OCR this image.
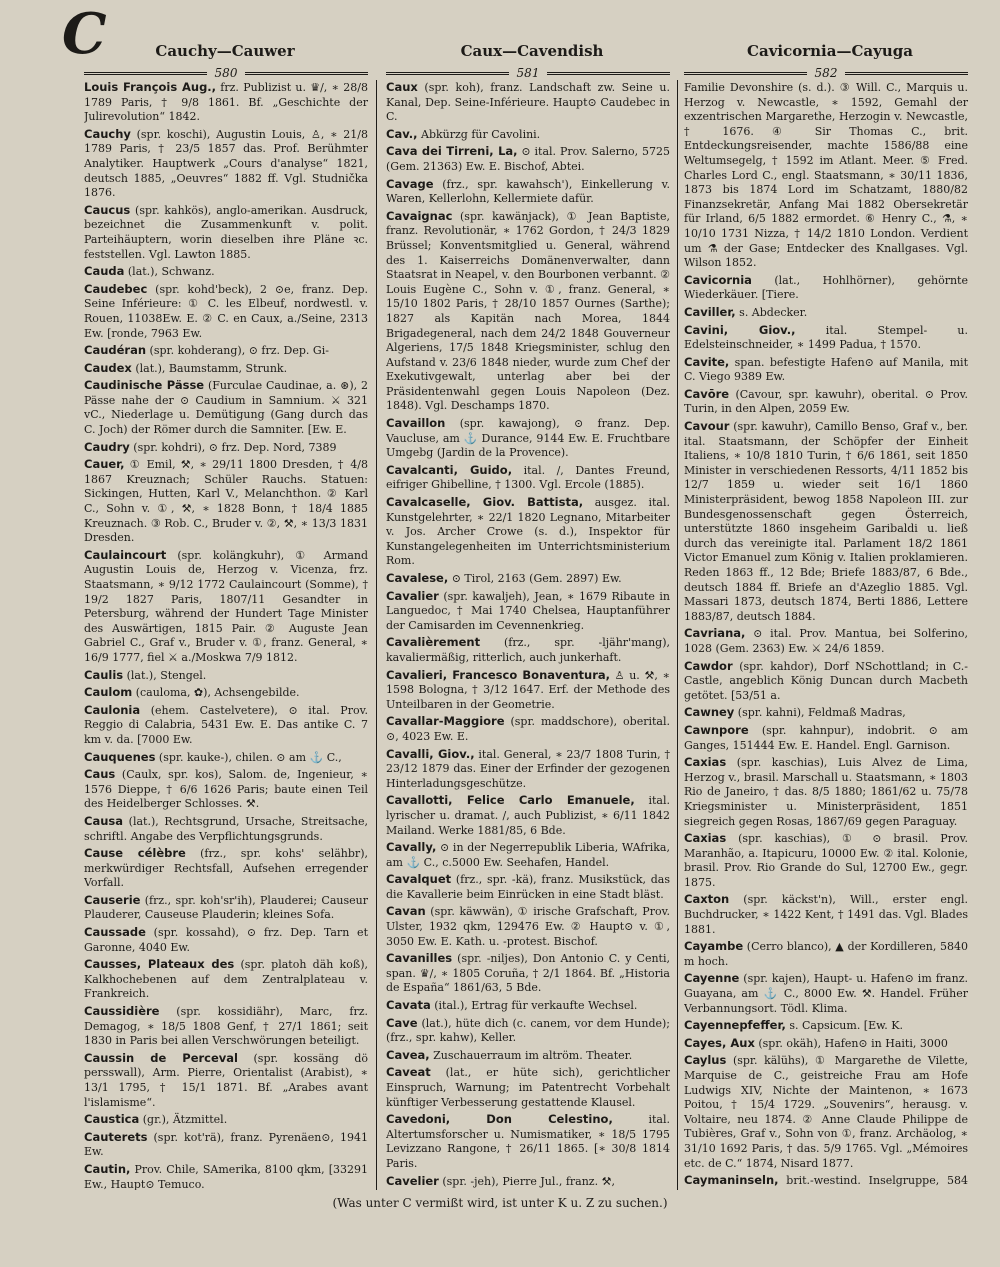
C	Cauchy—Cauwer	Caux—Cavendish	Cavicornia—Cayuga
580	581	582

Louis François Aug., frz. Publizist u. ♛/, ∗ 28/8 1789 Paris, † 9/8 1861. Bf. „Geschichte der Julirevolution“ 1842.

Cauchy (spr. koschi), Augustin Louis, ♙, ∗ 21/8 1789 Paris, † 23/5 1857 das. Prof. Berühmter Analytiker. Hauptwerk „Cours d'analyse“ 1821, deutsch 1885, „Oeuvres“ 1882 ff. Vgl. Studnička 1876.

Caucus (spr. kahkös), anglo-amerikan. Ausdruck, bezeichnet die Zusammenkunft v. polit. Parteihäuptern, worin dieselben ihre Pläne ꝛc. feststellen. Vgl. Lawton 1885.

Cauda (lat.), Schwanz.

Caudebec (spr. kohd'beck), 2 ⊙e, franz. Dep. Seine Inférieure: ① C. les Elbeuf, nordwestl. v. Rouen, 11038Ew. E. ② C. en Caux, a./Seine, 2313 Ew. [ronde, 7963 Ew.

Caudéran (spr. kohderang), ⊙ frz. Dep. Gi-

Caudex (lat.), Baumstamm, Strunk.

Caudinische Pässe (Furculae Caudinae, a. ⊛), 2 Pässe nahe der ⊙ Caudium in Samnium. ⚔ 321 vC., Niederlage u. Demütigung (Gang durch das C. Joch) der Römer durch die Samniter. [Ew. E.

Caudry (spr. kohdri), ⊙ frz. Dep. Nord, 7389

Cauer, ① Emil, ⚒, ∗ 29/11 1800 Dresden, † 4/8 1867 Kreuznach; Schüler Rauchs. Statuen: Sickingen, Hutten, Karl V., Melanchthon. ② Karl C., Sohn v. ①, ⚒, ∗ 1828 Bonn, † 18/4 1885 Kreuznach. ③ Rob. C., Bruder v. ②, ⚒, ∗ 13/3 1831 Dresden.

Caulaincourt (spr. kolängkuhr), ① Armand Augustin Louis de, Herzog v. Vicenza, frz. Staatsmann, ∗ 9/12 1772 Caulaincourt (Somme), † 19/2 1827 Paris, 1807/11 Gesandter in Petersburg, während der Hundert Tage Minister des Auswärtigen, 1815 Pair. ② Auguste Jean Gabriel C., Graf v., Bruder v. ①, franz. General, ∗ 16/9 1777, fiel ⚔ a./Moskwa 7/9 1812.

Caulis (lat.), Stengel.

Caulom (cauloma, ✿), Achsengebilde.

Caulonia (ehem. Castelvetere), ⊙ ital. Prov. Reggio di Calabria, 5431 Ew. E. Das antike C. 7 km v. da. [7000 Ew.

Cauquenes (spr. kauke-), chilen. ⊙ am ⚓ C.,

Caus (Caulx, spr. kos), Salom. de, Ingenieur, ∗ 1576 Dieppe, † 6/6 1626 Paris; baute einen Teil des Heidelberger Schlosses. ⚒.

Causa (lat.), Rechtsgrund, Ursache, Streitsache, schriftl. Angabe des Verpflichtungsgrunds.

Cause célèbre (frz., spr. kohs' selähbr), merkwürdiger Rechtsfall, Aufsehen erregender Vorfall.

Causerie (frz., spr. koh'sr'ih), Plauderei; Causeur Plauderer, Causeuse Plauderin; kleines Sofa.

Caussade (spr. kossahd), ⊙ frz. Dep. Tarn et Garonne, 4040 Ew.

Causses, Plateaux des (spr. platoh däh koß), Kalkhochebenen auf dem Zentralplateau v. Frankreich.

Caussidière (spr. kossidiähr), Marc, frz. Demagog, ∗ 18/5 1808 Genf, † 27/1 1861; seit 1830 in Paris bei allen Verschwörungen beteiligt.

Caussin de Perceval (spr. kossäng dö persswall), Arm. Pierre, Orientalist (Arabist), ∗ 13/1 1795, † 15/1 1871. Bf. „Arabes avant l'islamisme“.

Caustica (gr.), Ätzmittel.

Cauterets (spr. kot'rä), franz. Pyrenäen⊙, 1941 Ew.

Cautin, Prov. Chile, SAmerika, 8100 qkm, [33291 Ew., Haupt⊙ Temuco.

Caux (spr. koh), franz. Landschaft zw. Seine u. Kanal, Dep. Seine-Inférieure. Haupt⊙ Caudebec in C.

Cav., Abkürzg für Cavolini.

Cava dei Tirreni, La, ⊙ ital. Prov. Salerno, 5725 (Gem. 21363) Ew. E. Bischof, Abtei.

Cavage (frz., spr. kawahsch'), Einkellerung v. Waren, Kellerlohn, Kellermiete dafür.

Cavaignac (spr. kawänjack), ① Jean Baptiste, franz. Revolutionär, ∗ 1762 Gordon, † 24/3 1829 Brüssel; Konventsmitglied u. General, während des 1. Kaiserreichs Domänenverwalter, dann Staatsrat in Neapel, v. den Bourbonen verbannt. ② Louis Eugène C., Sohn v. ①, franz. General, ∗ 15/10 1802 Paris, † 28/10 1857 Ournes (Sarthe); 1827 als Kapitän nach Morea, 1844 Brigadegeneral, nach dem 24/2 1848 Gouverneur Algeriens, 17/5 1848 Kriegsminister, schlug den Aufstand v. 23/6 1848 nieder, wurde zum Chef der Exekutivgewalt, unterlag aber bei der Präsidentenwahl gegen Louis Napoleon (Dez. 1848). Vgl. Deschamps 1870.

Cavaillon (spr. kawajong), ⊙ franz. Dep. Vaucluse, am ⚓ Durance, 9144 Ew. E. Fruchtbare Umgebg (Jardin de la Provence).

Cavalcanti, Guido, ital. /, Dantes Freund, eifriger Ghibelline, † 1300. Vgl. Ercole (1885).

Cavalcaselle, Giov. Battista, ausgez. ital. Kunstgelehrter, ∗ 22/1 1820 Legnano, Mitarbeiter v. Jos. Archer Crowe (s. d.), Inspektor für Kunstangelegenheiten im Unterrichtsministerium Rom.

Cavalese, ⊙ Tirol, 2163 (Gem. 2897) Ew.

Cavalier (spr. kawaljeh), Jean, ∗ 1679 Ribaute in Languedoc, † Mai 1740 Chelsea, Hauptanführer der Camisarden im Cevennenkrieg.

Cavalièrement (frz., spr. -ljähr'mang), kavaliermäßig, ritterlich, auch junkerhaft.

Cavalieri, Francesco Bonaventura, ♙ u. ⚒, ∗ 1598 Bologna, † 3/12 1647. Erf. der Methode des Unteilbaren in der Geometrie.

Cavallar-Maggiore (spr. maddschore), oberital. ⊙, 4023 Ew. E.

Cavalli, Giov., ital. General, ∗ 23/7 1808 Turin, † 23/12 1879 das. Einer der Erfinder der gezogenen Hinterladungsgeschütze.

Cavallotti, Felice Carlo Emanuele, ital. lyrischer u. dramat. /, auch Publizist, ∗ 6/11 1842 Mailand. Werke 1881/85, 6 Bde.

Cavally, ⊙ in der Negerrepublik Liberia, WAfrika, am ⚓ C., c.5000 Ew. Seehafen, Handel.

Cavalquet (frz., spr. -kä), franz. Musikstück, das die Kavallerie beim Einrücken in eine Stadt bläst.

Cavan (spr. käwwän), ① irische Grafschaft, Prov. Ulster, 1932 qkm, 129476 Ew. ② Haupt⊙ v. ①, 3050 Ew. E. Kath. u. -protest. Bischof.

Cavanilles (spr. -niljes), Don Antonio C. y Centi, span. ♛/, ∗ 1805 Coruña, † 2/1 1864. Bf. „Historia de España“ 1861/63, 5 Bde.

Cavata (ital.), Ertrag für verkaufte Wechsel.

Cave (lat.), hüte dich (c. canem, vor dem Hunde); (frz., spr. kahw), Keller.

Cavea, Zuschauerraum im altröm. Theater.

Caveat (lat., er hüte sich), gerichtlicher Einspruch, Warnung; im Patentrecht Vorbehalt künftiger Verbesserung gestattende Klausel.

Cavedoni, Don Celestino, ital. Altertumsforscher u. Numismatiker, ∗ 18/5 1795 Levizzano Rangone, † 26/11 1865. [∗ 30/8 1814 Paris.

Cavelier (spr. -jeh), Pierre Jul., franz. ⚒,

Familie Devonshire (s. d.). ③ Will. C., Marquis u. Herzog v. Newcastle, ∗ 1592, Gemahl der exzentrischen Margarethe, Herzogin v. Newcastle, † 1676. ④ Sir Thomas C., brit. Entdeckungsreisender, machte 1586/88 eine Weltumsegelg, † 1592 im Atlant. Meer. ⑤ Fred. Charles Lord C., engl. Staatsmann, ∗ 30/11 1836, 1873 bis 1874 Lord im Schatzamt, 1880/82 Finanzsekretär, Anfang Mai 1882 Obersekretär für Irland, 6/5 1882 ermordet. ⑥ Henry C., ⚗, ∗ 10/10 1731 Nizza, † 14/2 1810 London. Verdient um ⚗ der Gase; Entdecker des Knallgases. Vgl. Wilson 1852.

Cavicornia (lat., Hohlhörner), gehörnte Wiederkäuer. [Tiere.

Caviller, s. Abdecker.

Cavini, Giov., ital. Stempel- u. Edelsteinschneider, ∗ 1499 Padua, † 1570.

Cavite, span. befestigte Hafen⊙ auf Manila, mit C. Viego 9389 Ew.

Cavōre (Cavour, spr. kawuhr), oberital. ⊙ Prov. Turin, in den Alpen, 2059 Ew.

Cavour (spr. kawuhr), Camillo Benso, Graf v., ber. ital. Staatsmann, der Schöpfer der Einheit Italiens, ∗ 10/8 1810 Turin, † 6/6 1861, seit 1850 Minister in verschiedenen Ressorts, 4/11 1852 bis 12/7 1859 u. wieder seit 16/1 1860 Ministerpräsident, bewog 1858 Napoleon III. zur Bundesgenossenschaft gegen Österreich, unterstützte 1860 insgeheim Garibaldi u. ließ durch das vereinigte ital. Parlament 18/2 1861 Victor Emanuel zum König v. Italien proklamieren. Reden 1863 ff., 12 Bde; Briefe 1883/87, 6 Bde., deutsch 1884 ff. Briefe an d'Azeglio 1885. Vgl. Massari 1873, deutsch 1874, Berti 1886, Lettere 1883/87, deutsch 1884.

Cavriana, ⊙ ital. Prov. Mantua, bei Solferino, 1028 (Gem. 2363) Ew. ⚔ 24/6 1859.

Cawdor (spr. kahdor), Dorf NSchottland; in C.-Castle, angeblich König Duncan durch Macbeth getötet. [53/51 a.

Cawney (spr. kahni), Feldmaß Madras,

Cawnpore (spr. kahnpur), indobrit. ⊙ am Ganges, 151444 Ew. E. Handel. Engl. Garnison.

Caxias (spr. kaschias), Luis Alvez de Lima, Herzog v., brasil. Marschall u. Staatsmann, ∗ 1803 Rio de Janeiro, † das. 8/5 1880; 1861/62 u. 75/78 Kriegsminister u. Ministerpräsident, 1851 siegreich gegen Rosas, 1867/69 gegen Paraguay.

Caxias (spr. kaschias), ① ⊙ brasil. Prov. Maranhão, a. Itapicuru, 10000 Ew. ② ital. Kolonie, brasil. Prov. Rio Grande do Sul, 12700 Ew., gegr. 1875.

Caxton (spr. käckst'n), Will., erster engl. Buchdrucker, ∗ 1422 Kent, † 1491 das. Vgl. Blades 1881.

Cayambe (Cerro blanco), ▲ der Kordilleren, 5840 m hoch.

Cayenne (spr. kajen), Haupt- u. Hafen⊙ im franz. Guayana, am ⚓ C., 8000 Ew. ⚒. Handel. Früher Verbannungsort. Tödl. Klima.

Cayennepfeffer, s. Capsicum. [Ew. K.

Cayes, Aux (spr. okäh), Hafen⊙ in Haiti, 3000

Caylus (spr. kälühs), ① Margarethe de Vilette, Marquise de C., geistreiche Frau am Hofe Ludwigs XIV, Nichte der Maintenon, ∗ 1673 Poitou, † 15/4 1729. „Souvenirs“, herausg. v. Voltaire, neu 1874. ② Anne Claude Philippe de Tubières, Graf v., Sohn von ①, franz. Archäolog, ∗ 31/10 1692 Paris, † das. 5/9 1765. Vgl. „Mémoires etc. de C.“ 1874, Nisard 1877.

Caymaninseln, brit.-westind. Inselgruppe, 584

(Was unter C vermißt wird, ist unter K u. Z zu suchen.)
